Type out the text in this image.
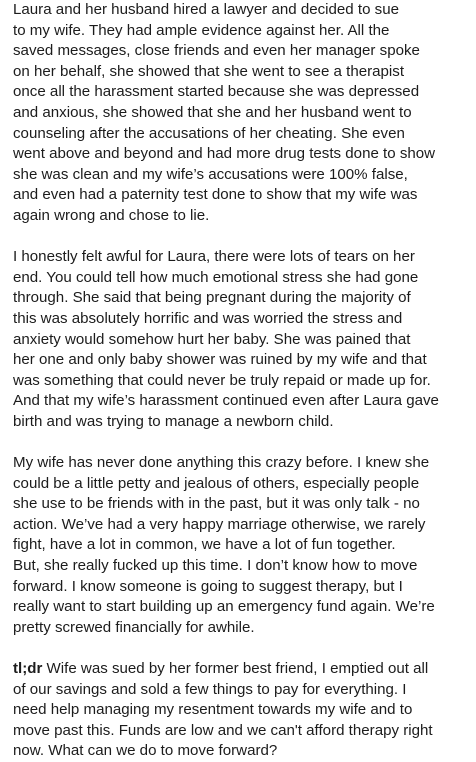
Laura and her husband hired a lawyer and decided to sue
to my wife. They had ample evidence against her. All the
saved messages, close friends and even her manager spoke
on her behalf, she showed that she went to see a therapist
once all the harassment started because she was depressed
and anxious, she showed that she and her husband went to
counseling after the accusations of her cheating. She even
went above and beyond and had more drug tests done to show
she was clean and my wife’s accusations were 100% false,
and even had a paternity test done to show that my wife was
again wrong and chose to lie.
I honestly felt awful for Laura, there were lots of tears on her
end. You could tell how much emotional stress she had gone
through. She said that being pregnant during the majority of
this was absolutely horrific and was worried the stress and
anxiety would somehow hurt her baby. She was pained that
her one and only baby shower was ruined by my wife and that
was something that could never be truly repaid or made up for.
And that my wife’s harassment continued even after Laura gave
birth and was trying to manage a newborn child.
My wife has never done anything this crazy before. I knew she
could be a little petty and jealous of others, especially people
she use to be friends with in the past, but it was only talk - no
action. We’ve had a very happy marriage otherwise, we rarely
fight, have a lot in common, we have a lot of fun together.
But, she really fucked up this time. I don’t know how to move
forward. I know someone is going to suggest therapy, but I
really want to start building up an emergency fund again. We’re
pretty screwed financially for awhile.
tl;dr Wife was sued by her former best friend, I emptied out all
of our savings and sold a few things to pay for everything. I
need help managing my resentment towards my wife and to
move past this. Funds are low and we can't afford therapy right
now. What can we do to move forward?
